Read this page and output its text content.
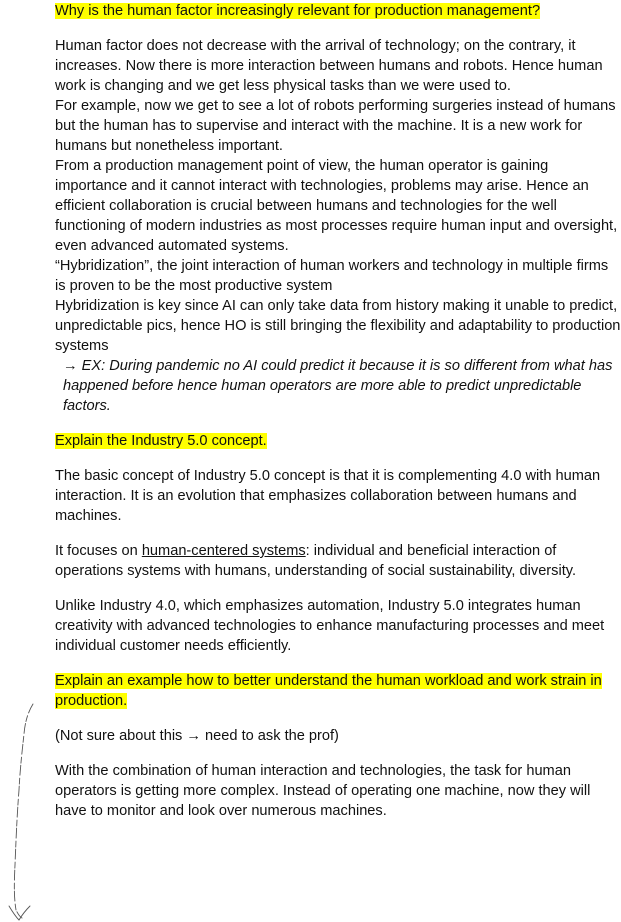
Why is the human factor increasingly relevant for production management?

Human factor does not decrease with the arrival of technology; on the contrary, it increases. Now there is more interaction between humans and robots. Hence human work is changing and we get less physical tasks than we were used to.

For example, now we get to see a lot of robots performing surgeries instead of humans but the human has to supervise and interact with the machine. It is a new work for humans but nonetheless important.

From a production management point of view, the human operator is gaining importance and it cannot interact with technologies, problems may arise. Hence an efficient collaboration is crucial between humans and technologies for the well functioning of modern industries as most processes require human input and oversight, even advanced automated systems.

“Hybridization”, the joint interaction of human workers and technology in multiple firms is proven to be the most productive system

Hybridization is key since AI can only take data from history making it unable to predict, unpredictable pics, hence HO is still bringing the flexibility and adaptability to production systems

→ EX: During pandemic no AI could predict it because it is so different from what has happened before hence human operators are more able to predict unpredictable factors.

Explain the Industry 5.0 concept.

The basic concept of Industry 5.0 concept is that it is complementing 4.0 with human interaction. It is an evolution that emphasizes collaboration between humans and machines.

It focuses on human-centered systems: individual and beneficial interaction of operations systems with humans, understanding of social sustainability, diversity.

Unlike Industry 4.0, which emphasizes automation, Industry 5.0 integrates human creativity with advanced technologies to enhance manufacturing processes and meet individual customer needs efficiently.

Explain an example how to better understand the human workload and work strain in production.

(Not sure about this → need to ask the prof)

With the combination of human interaction and technologies, the task for human operators is getting more complex. Instead of operating one machine, now they will have to monitor and look over numerous machines.
